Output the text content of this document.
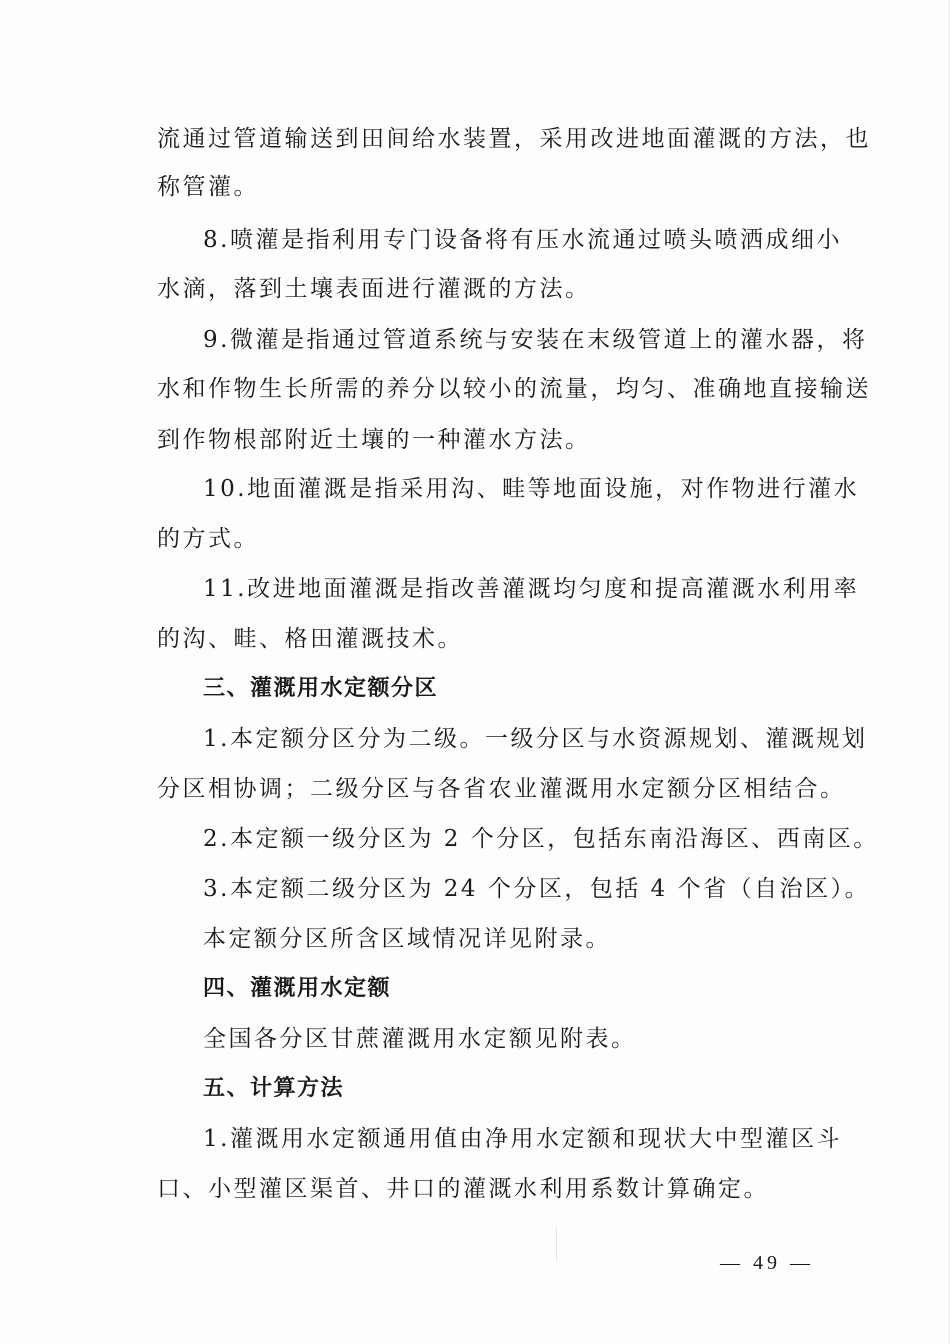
流通过管道输送到田间给水装置，采用改进地面灌溉的方法，也
称管灌。
8.喷灌是指利用专门设备将有压水流通过喷头喷洒成细小
水滴，落到土壤表面进行灌溉的方法。
9.微灌是指通过管道系统与安装在末级管道上的灌水器，将
水和作物生长所需的养分以较小的流量，均匀、准确地直接输送
到作物根部附近土壤的一种灌水方法。
10.地面灌溉是指采用沟、畦等地面设施，对作物进行灌水
的方式。
11.改进地面灌溉是指改善灌溉均匀度和提高灌溉水利用率
的沟、畦、格田灌溉技术。
三、灌溉用水定额分区
1.本定额分区分为二级。一级分区与水资源规划、灌溉规划
分区相协调；二级分区与各省农业灌溉用水定额分区相结合。
2.本定额一级分区为 2 个分区，包括东南沿海区、西南区。
3.本定额二级分区为 24 个分区，包括 4 个省（自治区）。
本定额分区所含区域情况详见附录。
四、灌溉用水定额
全国各分区甘蔗灌溉用水定额见附表。
五、计算方法
1.灌溉用水定额通用值由净用水定额和现状大中型灌区斗
口、小型灌区渠首、井口的灌溉水利用系数计算确定。
— 49 —
